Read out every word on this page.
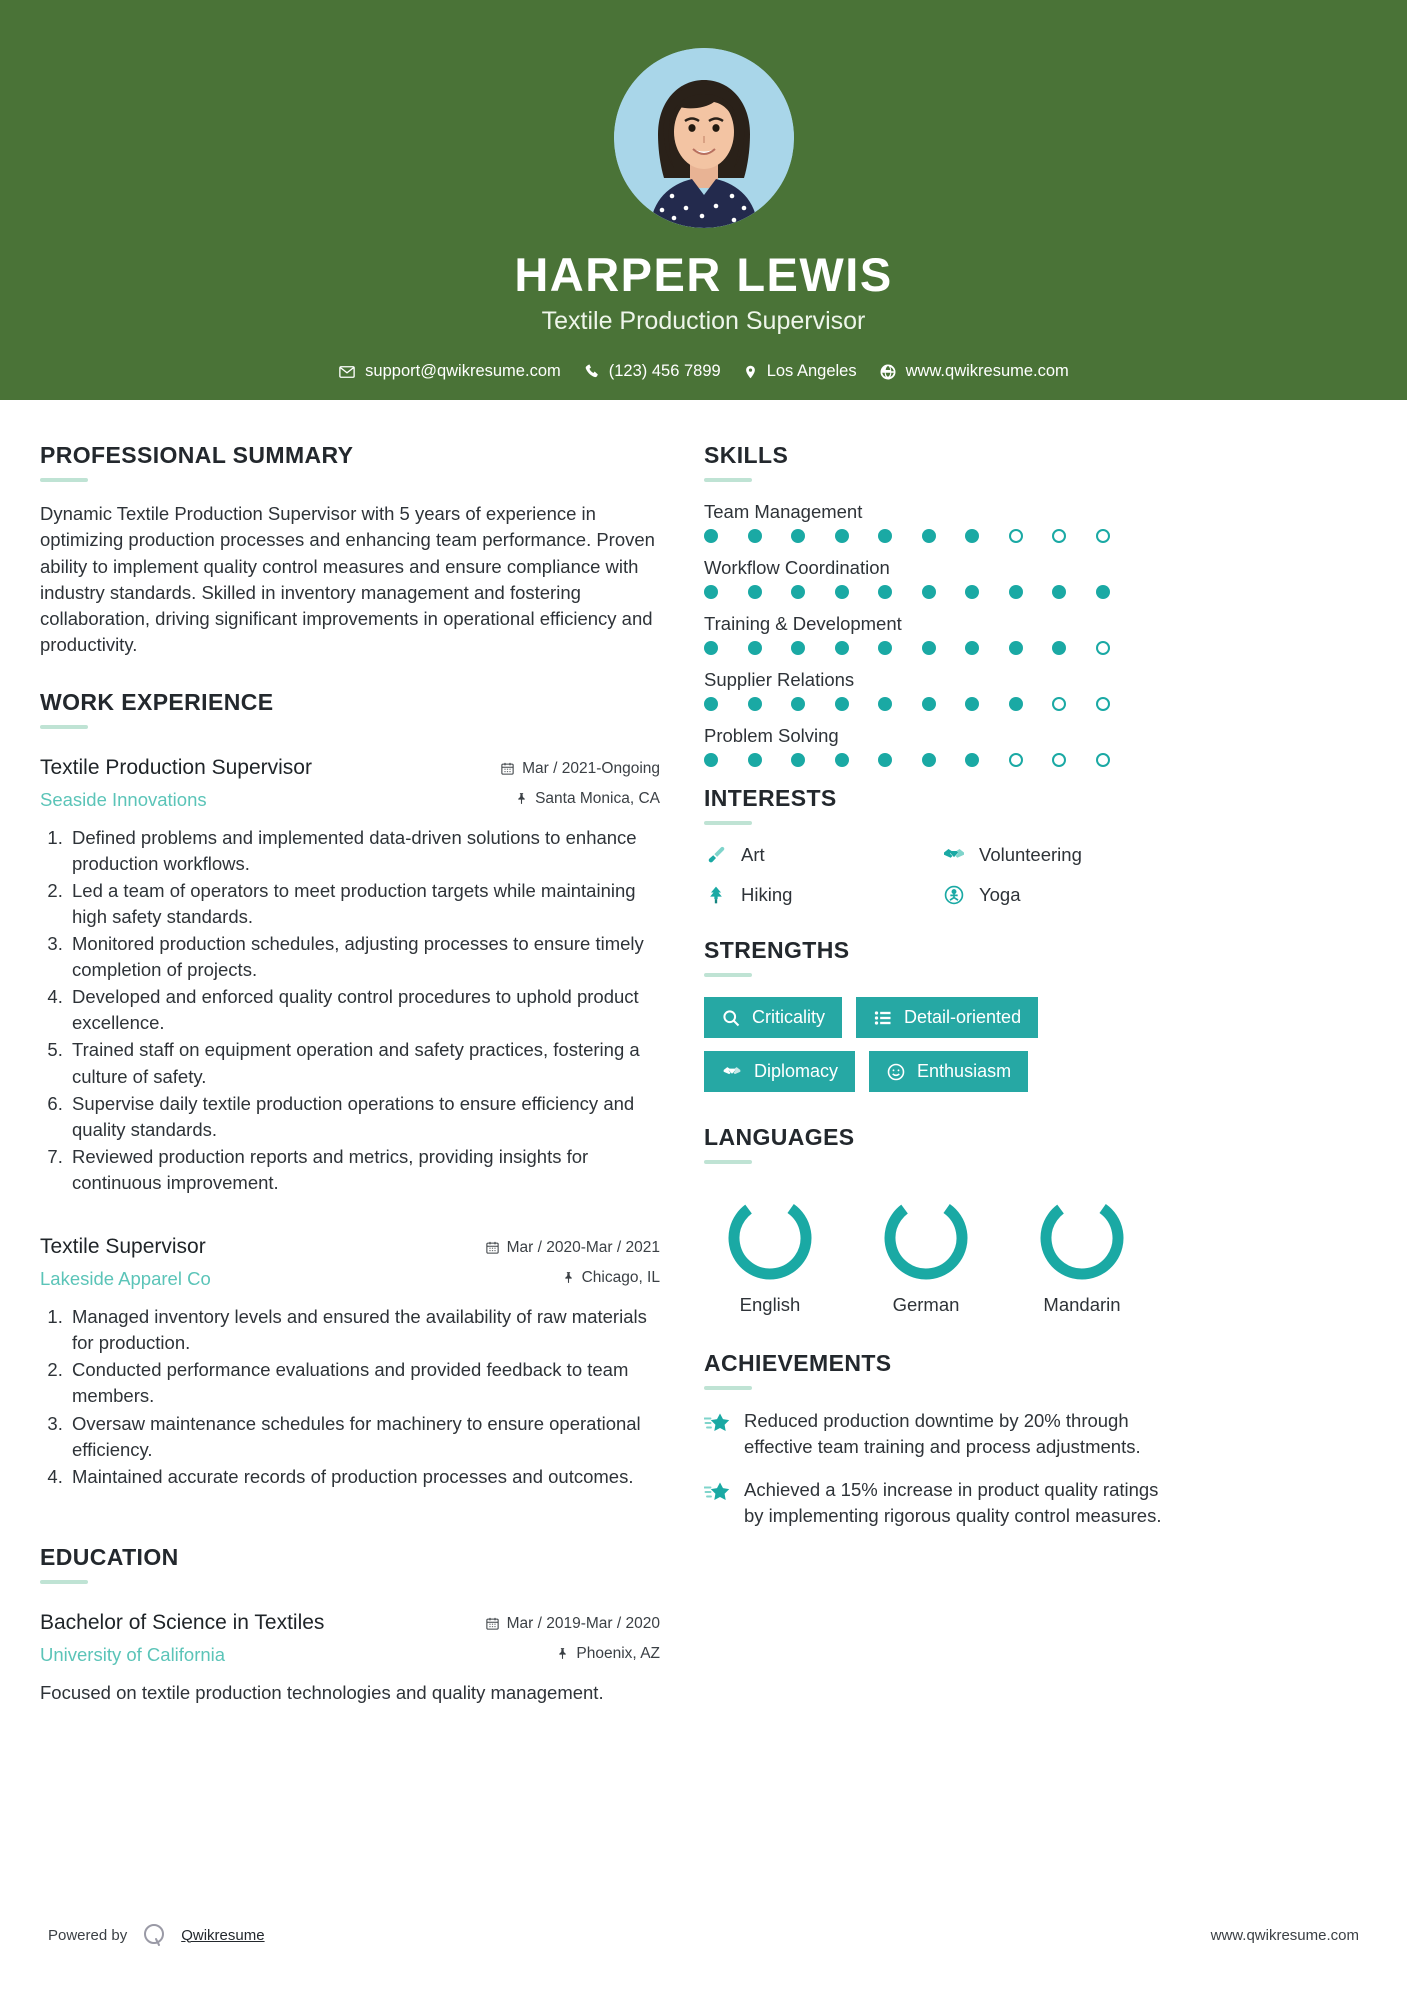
HARPER LEWIS
Textile Production Supervisor
support@qwikresume.com	(123) 456 7899	Los Angeles	www.qwikresume.com
PROFESSIONAL SUMMARY

Dynamic Textile Production Supervisor with 5 years of experience in optimizing production processes and enhancing team performance. Proven ability to implement quality control measures and ensure compliance with industry standards. Skilled in inventory management and fostering collaboration, driving significant improvements in operational efficiency and productivity.

WORK EXPERIENCE
Textile Production Supervisor
Seaside Innovations
Mar / 2021-Ongoing
Santa Monica, CA
1. Defined problems and implemented data-driven solutions to enhance production workflows.
2. Led a team of operators to meet production targets while maintaining high safety standards.
3. Monitored production schedules, adjusting processes to ensure timely completion of projects.
4. Developed and enforced quality control procedures to uphold product excellence.
5. Trained staff on equipment operation and safety practices, fostering a culture of safety.
6. Supervise daily textile production operations to ensure efficiency and quality standards.
7. Reviewed production reports and metrics, providing insights for continuous improvement.
Textile Supervisor
Lakeside Apparel Co
Mar / 2020-Mar / 2021
Chicago, IL
1. Managed inventory levels and ensured the availability of raw materials for production.
2. Conducted performance evaluations and provided feedback to team members.
3. Oversaw maintenance schedules for machinery to ensure operational efficiency.
4. Maintained accurate records of production processes and outcomes.
EDUCATION
Bachelor of Science in Textiles
University of California
Mar / 2019-Mar / 2020
Phoenix, AZ
Focused on textile production technologies and quality management.
SKILLS
Team Management
Workflow Coordination
Training & Development
Supplier Relations
Problem Solving
INTERESTS
Art	Volunteering
Hiking	Yoga
STRENGTHS
Criticality	Detail-oriented
Diplomacy	Enthusiasm
LANGUAGES
English	German	Mandarin
ACHIEVEMENTS
Reduced production downtime by 20% through effective team training and process adjustments.
Achieved a 15% increase in product quality ratings by implementing rigorous quality control measures.
Powered by	Qwikresume	www.qwikresume.com
